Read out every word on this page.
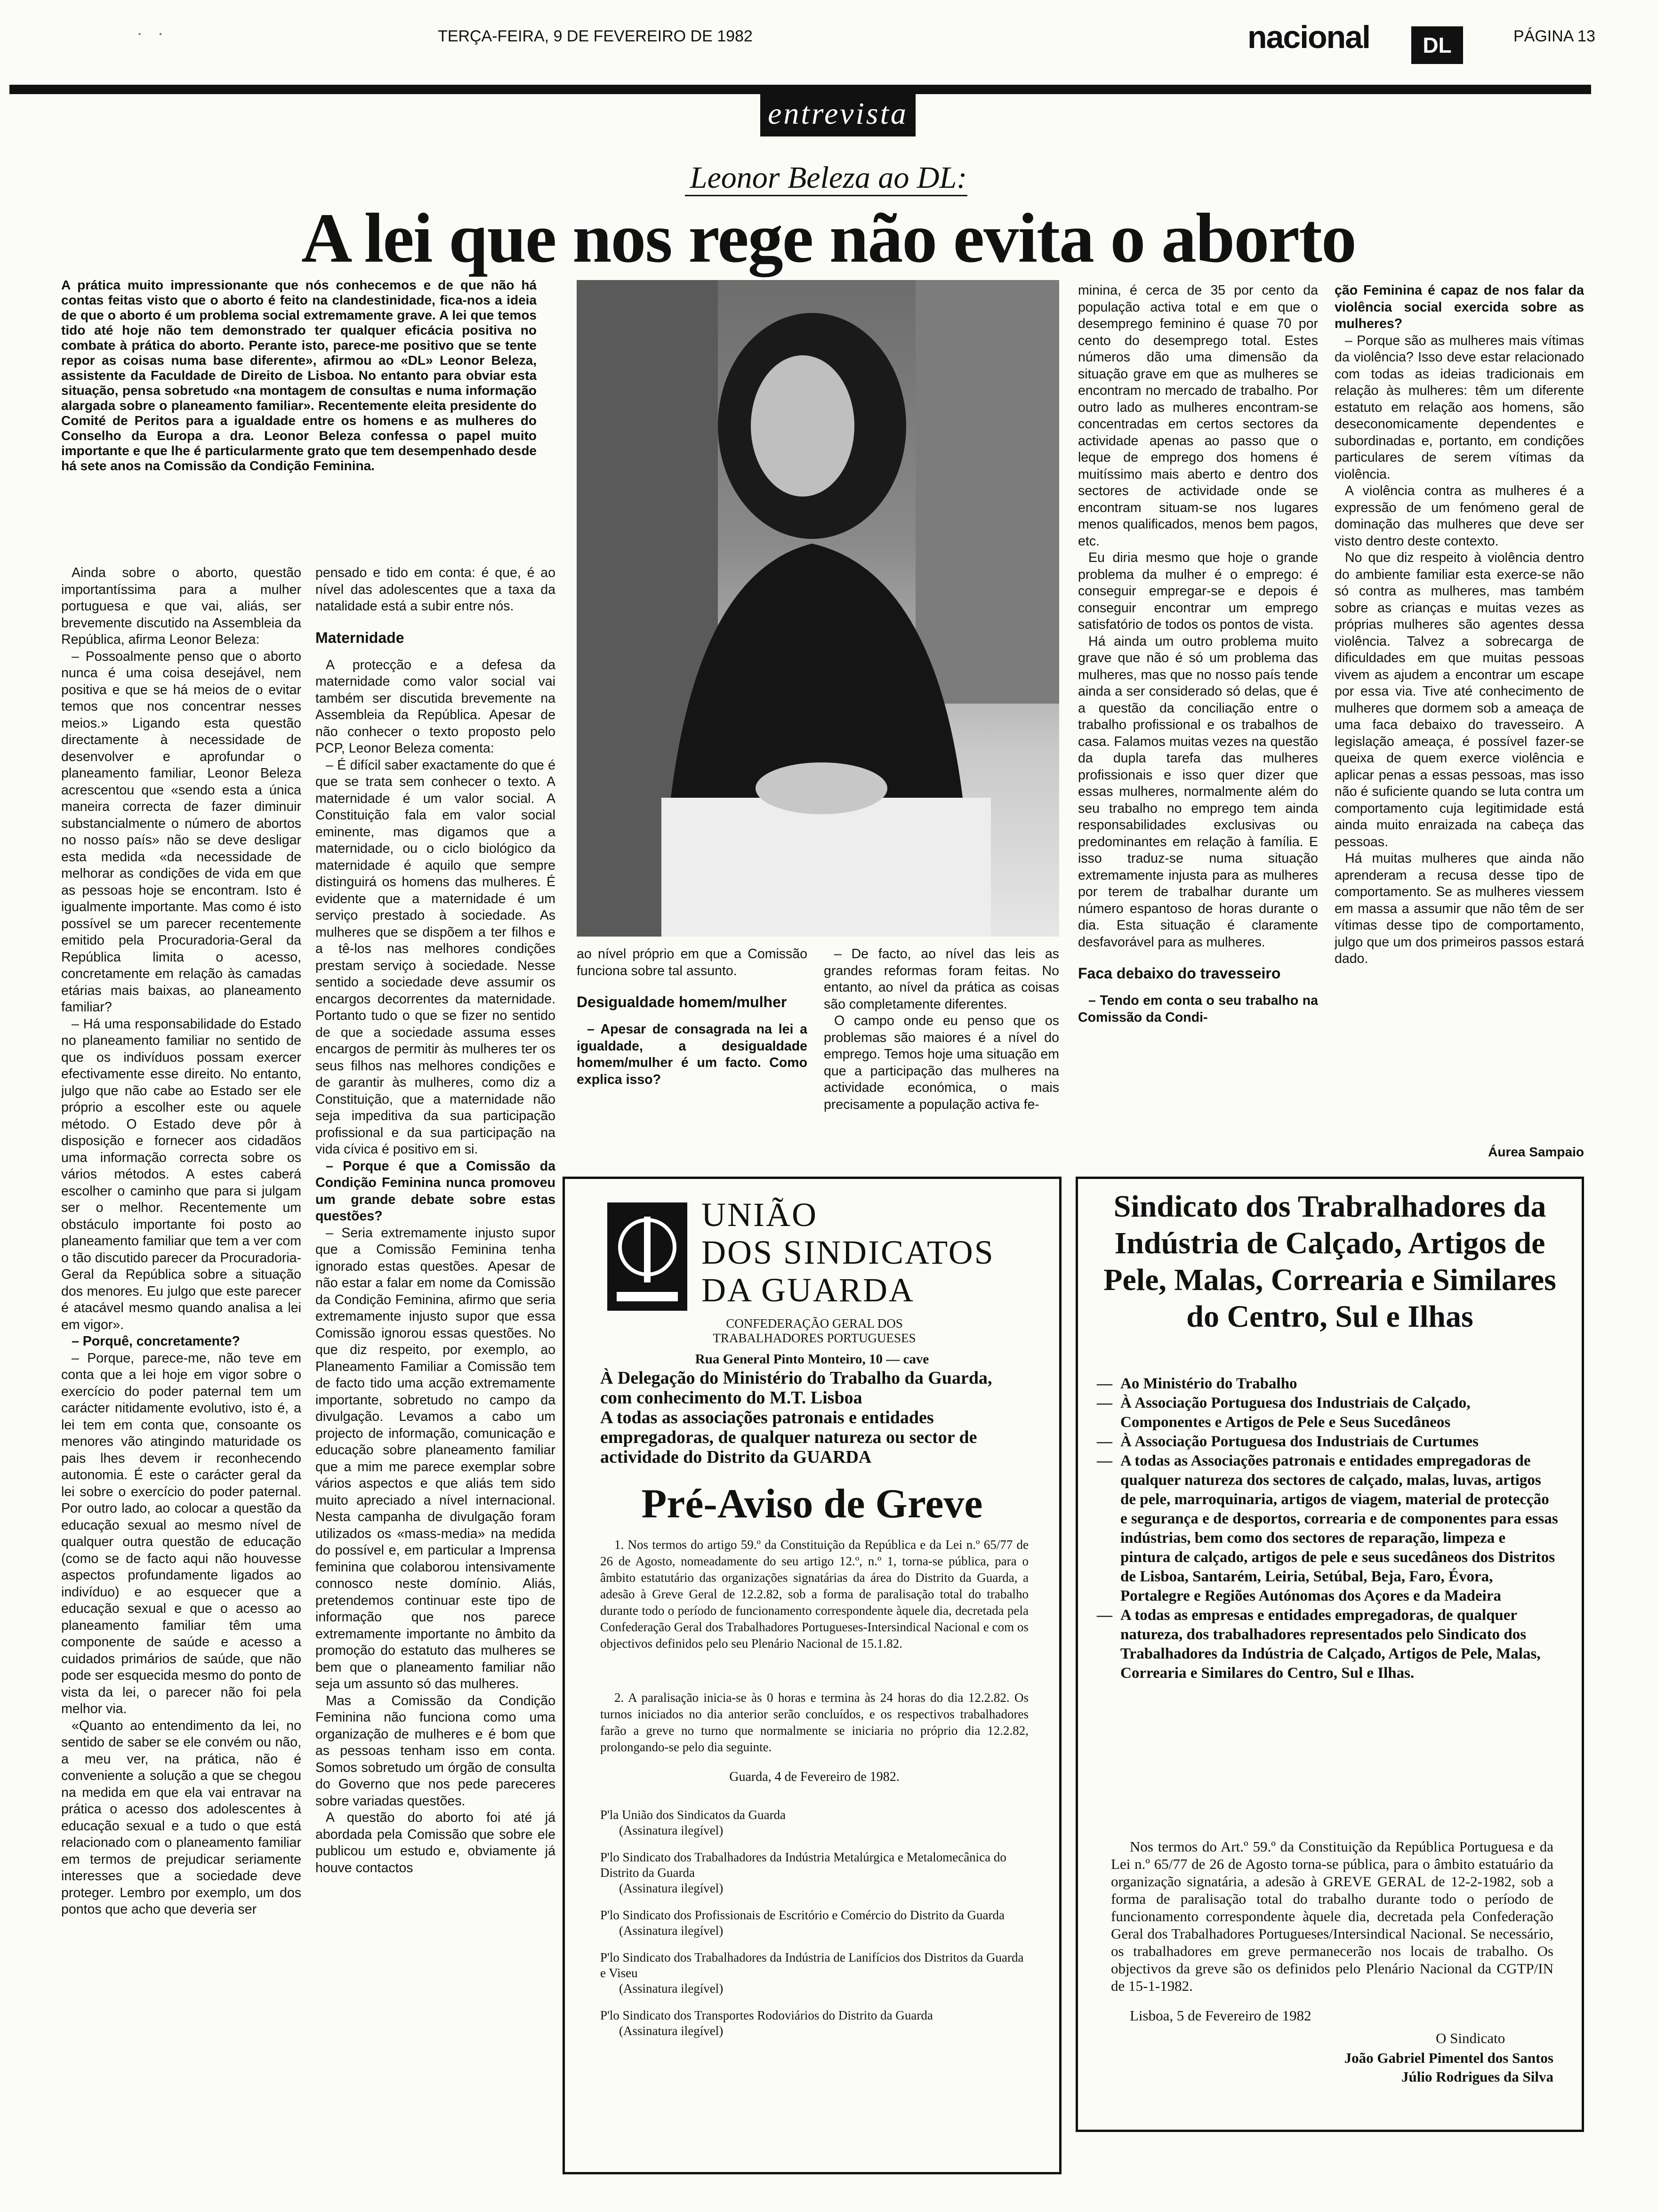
· ·	TERÇA-FEIRA, 9 DE FEVEREIRO DE 1982	nacional	DL	PÁGINA 13
entrevista
Leonor Beleza ao DL:
A lei que nos rege não evita o aborto
A prática muito impressionante que nós conhecemos e de que não há contas feitas visto que o aborto é feito na clandestinidade, fica-nos a ideia de que o aborto é um problema social extremamente grave. A lei que temos tido até hoje não tem demonstrado ter qualquer eficácia positiva no combate à prática do aborto. Perante isto, parece-me positivo que se tente repor as coisas numa base diferente», afirmou ao «DL» Leonor Beleza, assistente da Faculdade de Direito de Lisboa. No entanto para obviar esta situação, pensa sobretudo «na montagem de consultas e numa informação alargada sobre o planeamento familiar». Recentemente eleita presidente do Comité de Peritos para a igualdade entre os homens e as mulheres do Conselho da Europa a dra. Leonor Beleza confessa o papel muito importante e que lhe é particularmente grato que tem desempenhado desde há sete anos na Comissão da Condição Feminina.

Ainda sobre o aborto, questão importantíssima para a mulher portuguesa e que vai, aliás, ser brevemente discutido na Assembleia da República, afirma Leonor Beleza:

– Possoalmente penso que o aborto nunca é uma coisa desejável, nem positiva e que se há meios de o evitar temos que nos concentrar nesses meios.» Ligando esta questão directamente à necessidade de desenvolver e aprofundar o planeamento familiar, Leonor Beleza acrescentou que «sendo esta a única maneira correcta de fazer diminuir substancialmente o número de abortos no nosso país» não se deve desligar esta medida «da necessidade de melhorar as condições de vida em que as pessoas hoje se encontram. Isto é igualmente importante. Mas como é isto possível se um parecer recentemente emitido pela Procuradoria-Geral da República limita o acesso, concretamente em relação às camadas etárias mais baixas, ao planeamento familiar?

– Há uma responsabilidade do Estado no planeamento familiar no sentido de que os indivíduos possam exercer efectivamente esse direito. No entanto, julgo que não cabe ao Estado ser ele próprio a escolher este ou aquele método. O Estado deve pôr à disposição e fornecer aos cidadãos uma informação correcta sobre os vários métodos. A estes caberá escolher o caminho que para si julgam ser o melhor. Recentemente um obstáculo importante foi posto ao planeamento familiar que tem a ver com o tão discutido parecer da Procuradoria-Geral da República sobre a situação dos menores. Eu julgo que este parecer é atacável mesmo quando analisa a lei em vigor».

– Porquê, concretamente?

– Porque, parece-me, não teve em conta que a lei hoje em vigor sobre o exercício do poder paternal tem um carácter nitidamente evolutivo, isto é, a lei tem em conta que, consoante os menores vão atingindo maturidade os pais lhes devem ir reconhecendo autonomia. É este o carácter geral da lei sobre o exercício do poder paternal. Por outro lado, ao colocar a questão da educação sexual ao mesmo nível de qualquer outra questão de educação (como se de facto aqui não houvesse aspectos profundamente ligados ao indivíduo) e ao esquecer que a educação sexual e que o acesso ao planeamento familiar têm uma componente de saúde e acesso a cuidados primários de saúde, que não pode ser esquecida mesmo do ponto de vista da lei, o parecer não foi pela melhor via.

«Quanto ao entendimento da lei, no sentido de saber se ele convém ou não, a meu ver, na prática, não é conveniente a solução a que se chegou na medida em que ela vai entravar na prática o acesso dos adolescentes à educação sexual e a tudo o que está relacionado com o planeamento familiar em termos de prejudicar seriamente interesses que a sociedade deve proteger. Lembro por exemplo, um dos pontos que acho que deveria ser

pensado e tido em conta: é que, é ao nível das adolescentes que a taxa da natalidade está a subir entre nós.

Maternidade

A protecção e a defesa da maternidade como valor social vai também ser discutida brevemente na Assembleia da República. Apesar de não conhecer o texto proposto pelo PCP, Leonor Beleza comenta:

– É difícil saber exactamente do que é que se trata sem conhecer o texto. A maternidade é um valor social. A Constituição fala em valor social eminente, mas digamos que a maternidade, ou o ciclo biológico da maternidade é aquilo que sempre distinguirá os homens das mulheres. É evidente que a maternidade é um serviço prestado à sociedade. As mulheres que se dispõem a ter filhos e a tê-los nas melhores condições prestam serviço à sociedade. Nesse sentido a sociedade deve assumir os encargos decorrentes da maternidade. Portanto tudo o que se fizer no sentido de que a sociedade assuma esses encargos de permitir às mulheres ter os seus filhos nas melhores condições e de garantir às mulheres, como diz a Constituição, que a maternidade não seja impeditiva da sua participação profissional e da sua participação na vida cívica é positivo em si.

– Porque é que a Comissão da Condição Feminina nunca promoveu um grande debate sobre estas questões?

– Seria extremamente injusto supor que a Comissão Feminina tenha ignorado estas questões. Apesar de não estar a falar em nome da Comissão da Condição Feminina, afirmo que seria extremamente injusto supor que essa Comissão ignorou essas questões. No que diz respeito, por exemplo, ao Planeamento Familiar a Comissão tem de facto tido uma acção extremamente importante, sobretudo no campo da divulgação. Levamos a cabo um projecto de informação, comunicação e educação sobre planeamento familiar que a mim me parece exemplar sobre vários aspectos e que aliás tem sido muito apreciado a nível internacional. Nesta campanha de divulgação foram utilizados os «mass-media» na medida do possível e, em particular a Imprensa feminina que colaborou intensivamente connosco neste domínio. Aliás, pretendemos continuar este tipo de informação que nos parece extremamente importante no âmbito da promoção do estatuto das mulheres se bem que o planeamento familiar não seja um assunto só das mulheres.

Mas a Comissão da Condição Feminina não funciona como uma organização de mulheres e é bom que as pessoas tenham isso em conta. Somos sobretudo um órgão de consulta do Governo que nos pede pareceres sobre variadas questões.

A questão do aborto foi até já abordada pela Comissão que sobre ele publicou um estudo e, obviamente já houve contactos

ao nível próprio em que a Comissão funciona sobre tal assunto.

Desigualdade homem/mulher

– Apesar de consagrada na lei a igualdade, a desigualdade homem/mulher é um facto. Como explica isso?

– De facto, ao nível das leis as grandes reformas foram feitas. No entanto, ao nível da prática as coisas são completamente diferentes.

O campo onde eu penso que os problemas são maiores é a nível do emprego. Temos hoje uma situação em que a participação das mulheres na actividade económica, o mais precisamente a população activa fe-

minina, é cerca de 35 por cento da população activa total e em que o desemprego feminino é quase 70 por cento do desemprego total. Estes números dão uma dimensão da situação grave em que as mulheres se encontram no mercado de trabalho. Por outro lado as mulheres encontram-se concentradas em certos sectores da actividade apenas ao passo que o leque de emprego dos homens é muitíssimo mais aberto e dentro dos sectores de actividade onde se encontram situam-se nos lugares menos qualificados, menos bem pagos, etc.

Eu diria mesmo que hoje o grande problema da mulher é o emprego: é conseguir empregar-se e depois é conseguir encontrar um emprego satisfatório de todos os pontos de vista.

Há ainda um outro problema muito grave que não é só um problema das mulheres, mas que no nosso país tende ainda a ser considerado só delas, que é a questão da conciliação entre o trabalho profissional e os trabalhos de casa. Falamos muitas vezes na questão da dupla tarefa das mulheres profissionais e isso quer dizer que essas mulheres, normalmente além do seu trabalho no emprego tem ainda responsabilidades exclusivas ou predominantes em relação à família. E isso traduz-se numa situação extremamente injusta para as mulheres por terem de trabalhar durante um número espantoso de horas durante o dia. Esta situação é claramente desfavorável para as mulheres.

Faca debaixo do travesseiro

– Tendo em conta o seu trabalho na Comissão da Condi-

ção Feminina é capaz de nos falar da violência social exercida sobre as mulheres?

– Porque são as mulheres mais vítimas da violência? Isso deve estar relacionado com todas as ideias tradicionais em relação às mulheres: têm um diferente estatuto em relação aos homens, são deseconomicamente dependentes e subordinadas e, portanto, em condições particulares de serem vítimas da violência.

A violência contra as mulheres é a expressão de um fenómeno geral de dominação das mulheres que deve ser visto dentro deste contexto.

No que diz respeito à violência dentro do ambiente familiar esta exerce-se não só contra as mulheres, mas também sobre as crianças e muitas vezes as próprias mulheres são agentes dessa violência. Talvez a sobrecarga de dificuldades em que muitas pessoas vivem as ajudem a encontrar um escape por essa via. Tive até conhecimento de mulheres que dormem sob a ameaça de uma faca debaixo do travesseiro. A legislação ameaça, é possível fazer-se queixa de quem exerce violência e aplicar penas a essas pessoas, mas isso não é suficiente quando se luta contra um comportamento cuja legitimidade está ainda muito enraizada na cabeça das pessoas.

Há muitas mulheres que ainda não aprenderam a recusa desse tipo de comportamento. Se as mulheres viessem em massa a assumir que não têm de ser vítimas desse tipo de comportamento, julgo que um dos primeiros passos estará dado.

Áurea Sampaio
UNIÃO
DOS SINDICATOS
DA GUARDA
CONFEDERAÇÃO GERAL DOS TRABALHADORES PORTUGUESES
Rua General Pinto Monteiro, 10 — cave
À Delegação do Ministério do Trabalho da Guarda, com conhecimento do M.T. Lisboa
A todas as associações patronais e entidades empregadoras, de qualquer natureza ou sector de actividade do Distrito da GUARDA
Pré-Aviso de Greve
1. Nos termos do artigo 59.º da Constituição da República e da Lei n.º 65/77 de 26 de Agosto, nomeadamente do seu artigo 12.º, n.º 1, torna-se pública, para o âmbito estatutário das organizações signatárias da área do Distrito da Guarda, a adesão à Greve Geral de 12.2.82, sob a forma de paralisação total do trabalho durante todo o período de funcionamento correspondente àquele dia, decretada pela Confederação Geral dos Trabalhadores Portugueses-Intersindical Nacional e com os objectivos definidos pelo seu Plenário Nacional de 15.1.82.
2. A paralisação inicia-se às 0 horas e termina às 24 horas do dia 12.2.82. Os turnos iniciados no dia anterior serão concluídos, e os respectivos trabalhadores farão a greve no turno que normalmente se iniciaria no próprio dia 12.2.82, prolongando-se pelo dia seguinte.
Guarda, 4 de Fevereiro de 1982.
P'la União dos Sindicatos da Guarda
(Assinatura ilegível)
P'lo Sindicato dos Trabalhadores da Indústria Metalúrgica e Metalomecânica do Distrito da Guarda
(Assinatura ilegível)
P'lo Sindicato dos Profissionais de Escritório e Comércio do Distrito da Guarda
(Assinatura ilegível)
P'lo Sindicato dos Trabalhadores da Indústria de Lanifícios dos Distritos da Guarda e Viseu
(Assinatura ilegível)
P'lo Sindicato dos Transportes Rodoviários do Distrito da Guarda
(Assinatura ilegível)
Sindicato dos Trabralhadores da Indústria de Calçado, Artigos de Pele, Malas, Correaria e Similares do Centro, Sul e Ilhas
— Ao Ministério do Trabalho
— À Associação Portuguesa dos Industriais de Calçado, Componentes e Artigos de Pele e Seus Sucedâneos
— À Associação Portuguesa dos Industriais de Curtumes
— A todas as Associações patronais e entidades empregadoras de qualquer natureza dos sectores de calçado, malas, luvas, artigos de pele, marroquinaria, artigos de viagem, material de protecção e segurança e de desportos, correaria e de componentes para essas indústrias, bem como dos sectores de reparação, limpeza e pintura de calçado, artigos de pele e seus sucedâneos dos Distritos de Lisboa, Santarém, Leiria, Setúbal, Beja, Faro, Évora, Portalegre e Regiões Autónomas dos Açores e da Madeira
— A todas as empresas e entidades empregadoras, de qualquer natureza, dos trabalhadores representados pelo Sindicato dos Trabalhadores da Indústria de Calçado, Artigos de Pele, Malas, Correaria e Similares do Centro, Sul e Ilhas.
Nos termos do Art.º 59.º da Constituição da República Portuguesa e da Lei n.º 65/77 de 26 de Agosto torna-se pública, para o âmbito estatuário da organização signatária, a adesão à GREVE GERAL de 12-2-1982, sob a forma de paralisação total do trabalho durante todo o período de funcionamento correspondente àquele dia, decretada pela Confederação Geral dos Trabalhadores Portugueses/Intersindical Nacional. Se necessário, os trabalhadores em greve permanecerão nos locais de trabalho. Os objectivos da greve são os definidos pelo Plenário Nacional da CGTP/IN de 15-1-1982.
Lisboa, 5 de Fevereiro de 1982
O Sindicato
João Gabriel Pimentel dos Santos
Júlio Rodrigues da Silva
